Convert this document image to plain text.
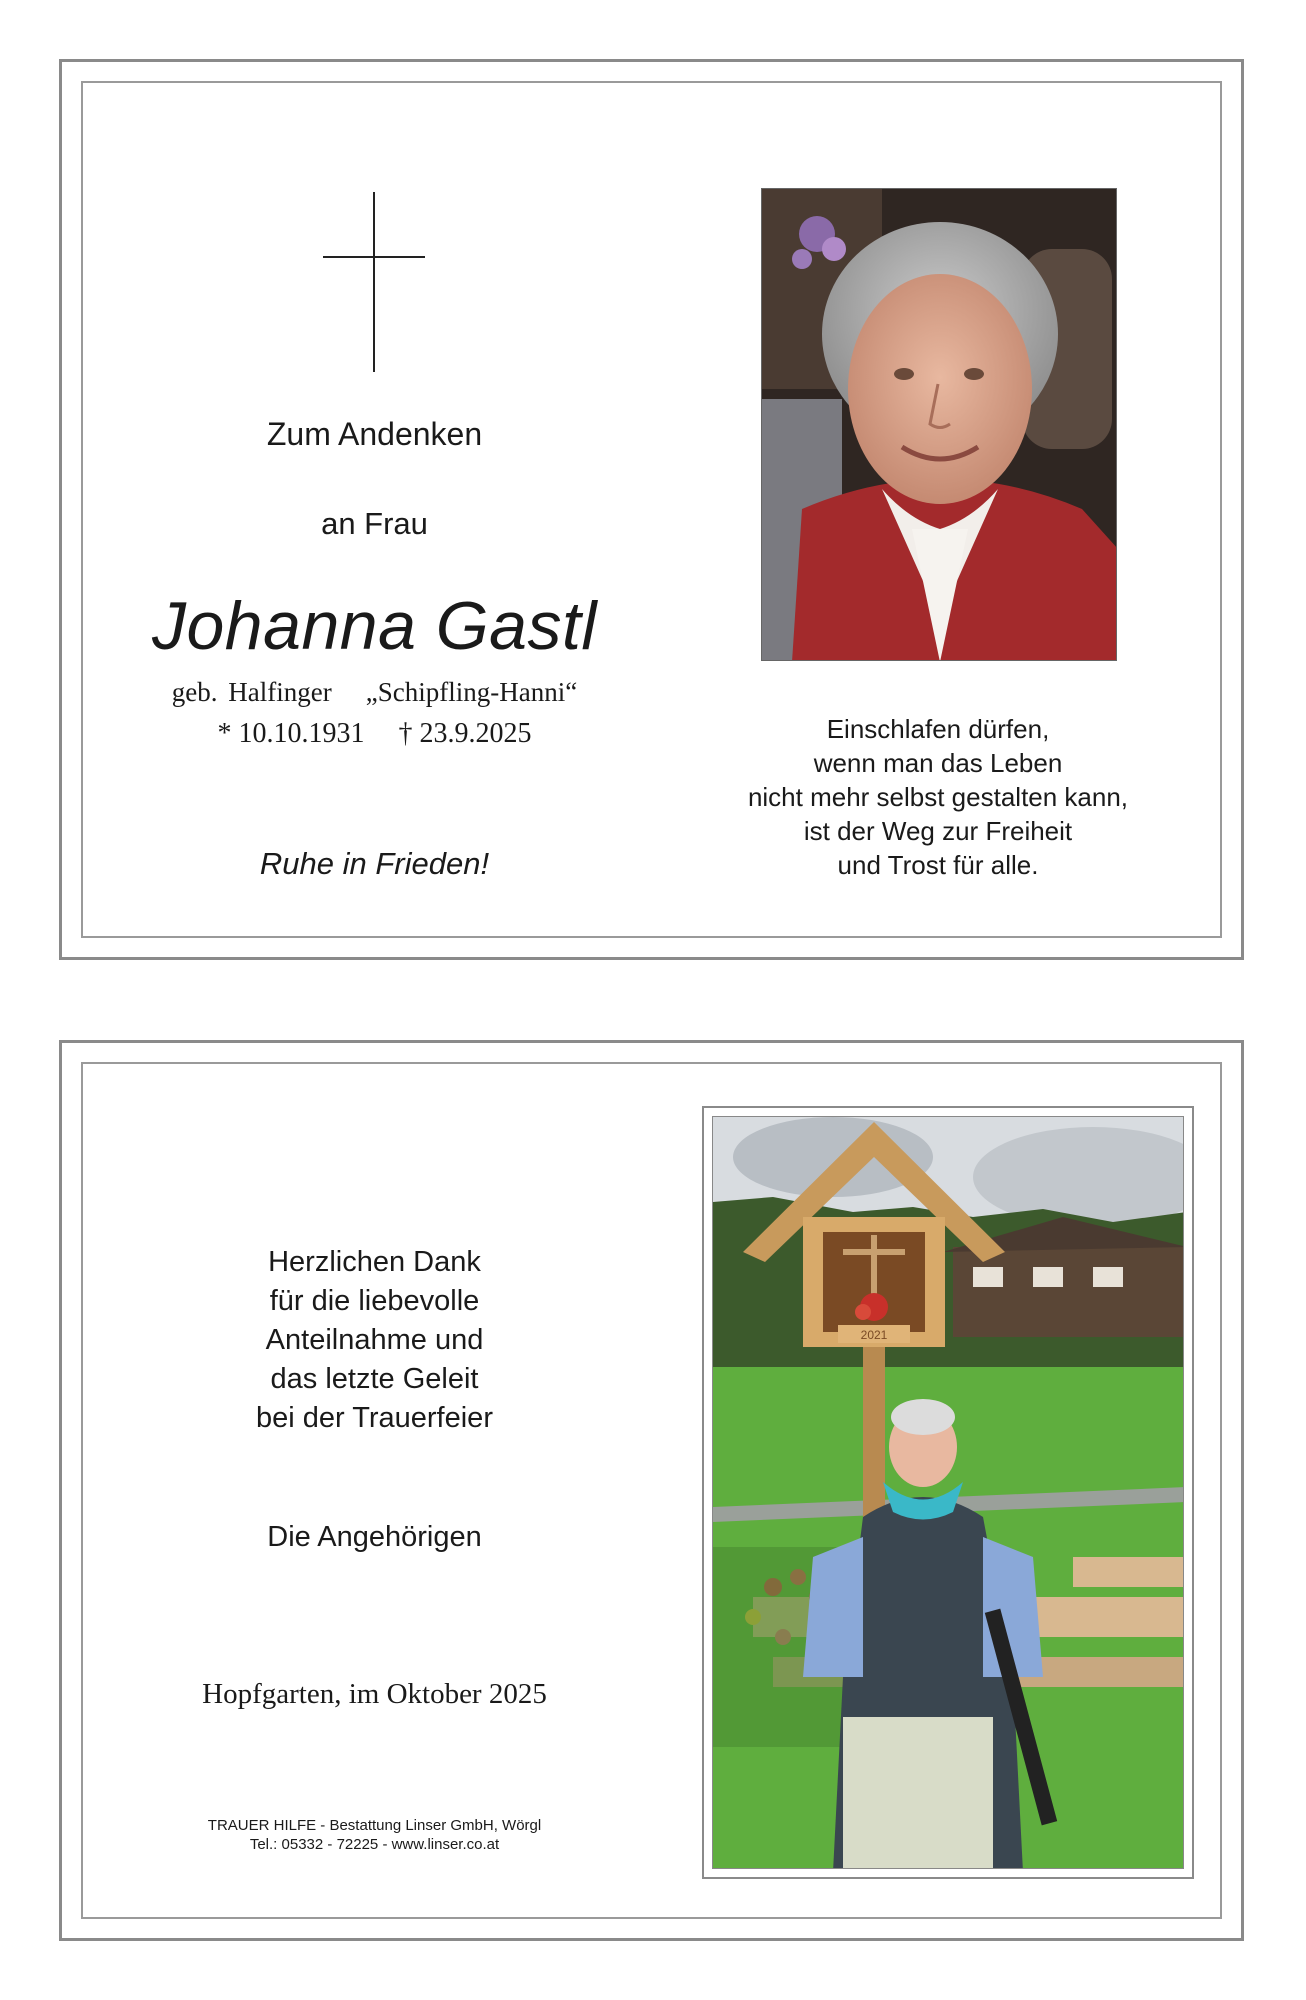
Zum Andenken
an Frau
Johanna Gastl
geb. Halfinger „Schipfling-Hanni“
* 10.10.1931 † 23.9.2025
Ruhe in Frieden!
Einschlafen dürfen,
wenn man das Leben
nicht mehr selbst gestalten kann,
ist der Weg zur Freiheit
und Trost für alle.
Herzlichen Dank
für die liebevolle
Anteilnahme und
das letzte Geleit
bei der Trauerfeier
Die Angehörigen
Hopfgarten, im Oktober 2025
TRAUER HILFE - Bestattung Linser GmbH, Wörgl
Tel.: 05332 - 72225 - www.linser.co.at
2021
